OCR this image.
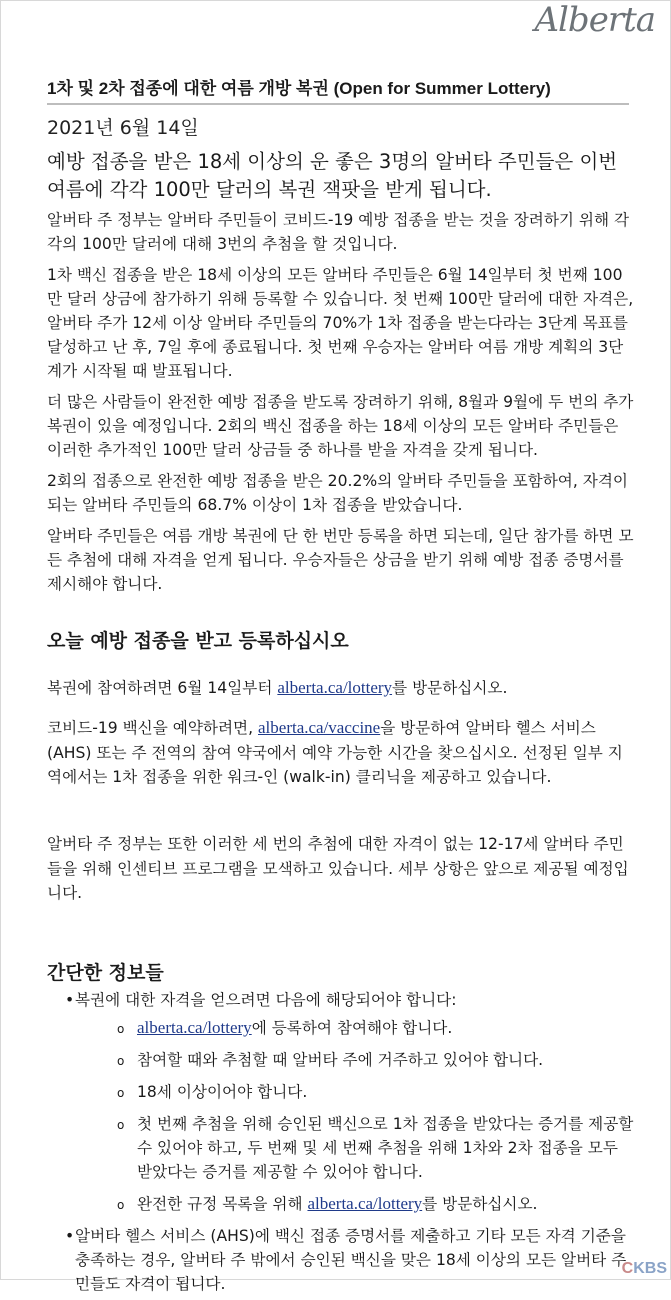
Alberta
1차 및 2차 접종에 대한 여름 개방 복권 (Open for Summer Lottery)
2021년 6월 14일
예방 접종을 받은 18세 이상의 운 좋은 3명의 알버타 주민들은 이번 여름에 각각 100만 달러의 복권 잭팟을 받게 됩니다.

알버타 주 정부는 알버타 주민들이 코비드-19 예방 접종을 받는 것을 장려하기 위해 각각의 100만 달러에 대해 3번의 추첨을 할 것입니다.

1차 백신 접종을 받은 18세 이상의 모든 알버타 주민들은 6월 14일부터 첫 번째 100만 달러 상금에 참가하기 위해 등록할 수 있습니다. 첫 번째 100만 달러에 대한 자격은, 알버타 주가 12세 이상 알버타 주민들의 70%가 1차 접종을 받는다라는 3단계 목표를 달성하고 난 후, 7일 후에 종료됩니다. 첫 번째 우승자는 알버타 여름 개방 계획의 3단계가 시작될 때 발표됩니다.

더 많은 사람들이 완전한 예방 접종을 받도록 장려하기 위해, 8월과 9월에 두 번의 추가 복권이 있을 예정입니다. 2회의 백신 접종을 하는 18세 이상의 모든 알버타 주민들은 이러한 추가적인 100만 달러 상금들 중 하나를 받을 자격을 갖게 됩니다.

2회의 접종으로 완전한 예방 접종을 받은 20.2%의 알버타 주민들을 포함하여, 자격이 되는 알버타 주민들의 68.7% 이상이 1차 접종을 받았습니다.

알버타 주민들은 여름 개방 복권에 단 한 번만 등록을 하면 되는데, 일단 참가를 하면 모든 추첨에 대해 자격을 얻게 됩니다. 우승자들은 상금을 받기 위해 예방 접종 증명서를 제시해야 합니다.

오늘 예방 접종을 받고 등록하십시오
복권에 참여하려면 6월 14일부터 alberta.ca/lottery를 방문하십시오.
코비드-19 백신을 예약하려면, alberta.ca/vaccine을 방문하여 알버타 헬스 서비스 (AHS) 또는 주 전역의 참여 약국에서 예약 가능한 시간을 찾으십시오. 선정된 일부 지역에서는 1차 접종을 위한 워크-인 (walk-in) 클리닉을 제공하고 있습니다.
알버타 주 정부는 또한 이러한 세 번의 추첨에 대한 자격이 없는 12-17세 알버타 주민들을 위해 인센티브 프로그램을 모색하고 있습니다. 세부 상항은 앞으로 제공될 예정입니다.
간단한 정보들
• 복권에 대한 자격을 얻으려면 다음에 해당되어야 합니다:
o alberta.ca/lottery에 등록하여 참여해야 합니다.
o 참여할 때와 추첨할 때 알버타 주에 거주하고 있어야 합니다.
o 18세 이상이어야 합니다.
o 첫 번째 추첨을 위해 승인된 백신으로 1차 접종을 받았다는 증거를 제공할 수 있어야 하고, 두 번째 및 세 번째 추첨을 위해 1차와 2차 접종을 모두 받았다는 증거를 제공할 수 있어야 합니다.
o 완전한 규정 목록을 위해 alberta.ca/lottery를 방문하십시오.
• 알버타 헬스 서비스 (AHS)에 백신 접종 증명서를 제출하고 기타 모든 자격 기준을 충족하는 경우, 알버타 주 밖에서 승인된 백신을 맞은 18세 이상의 모든 알버타 주민들도 자격이 됩니다.
CKBS
